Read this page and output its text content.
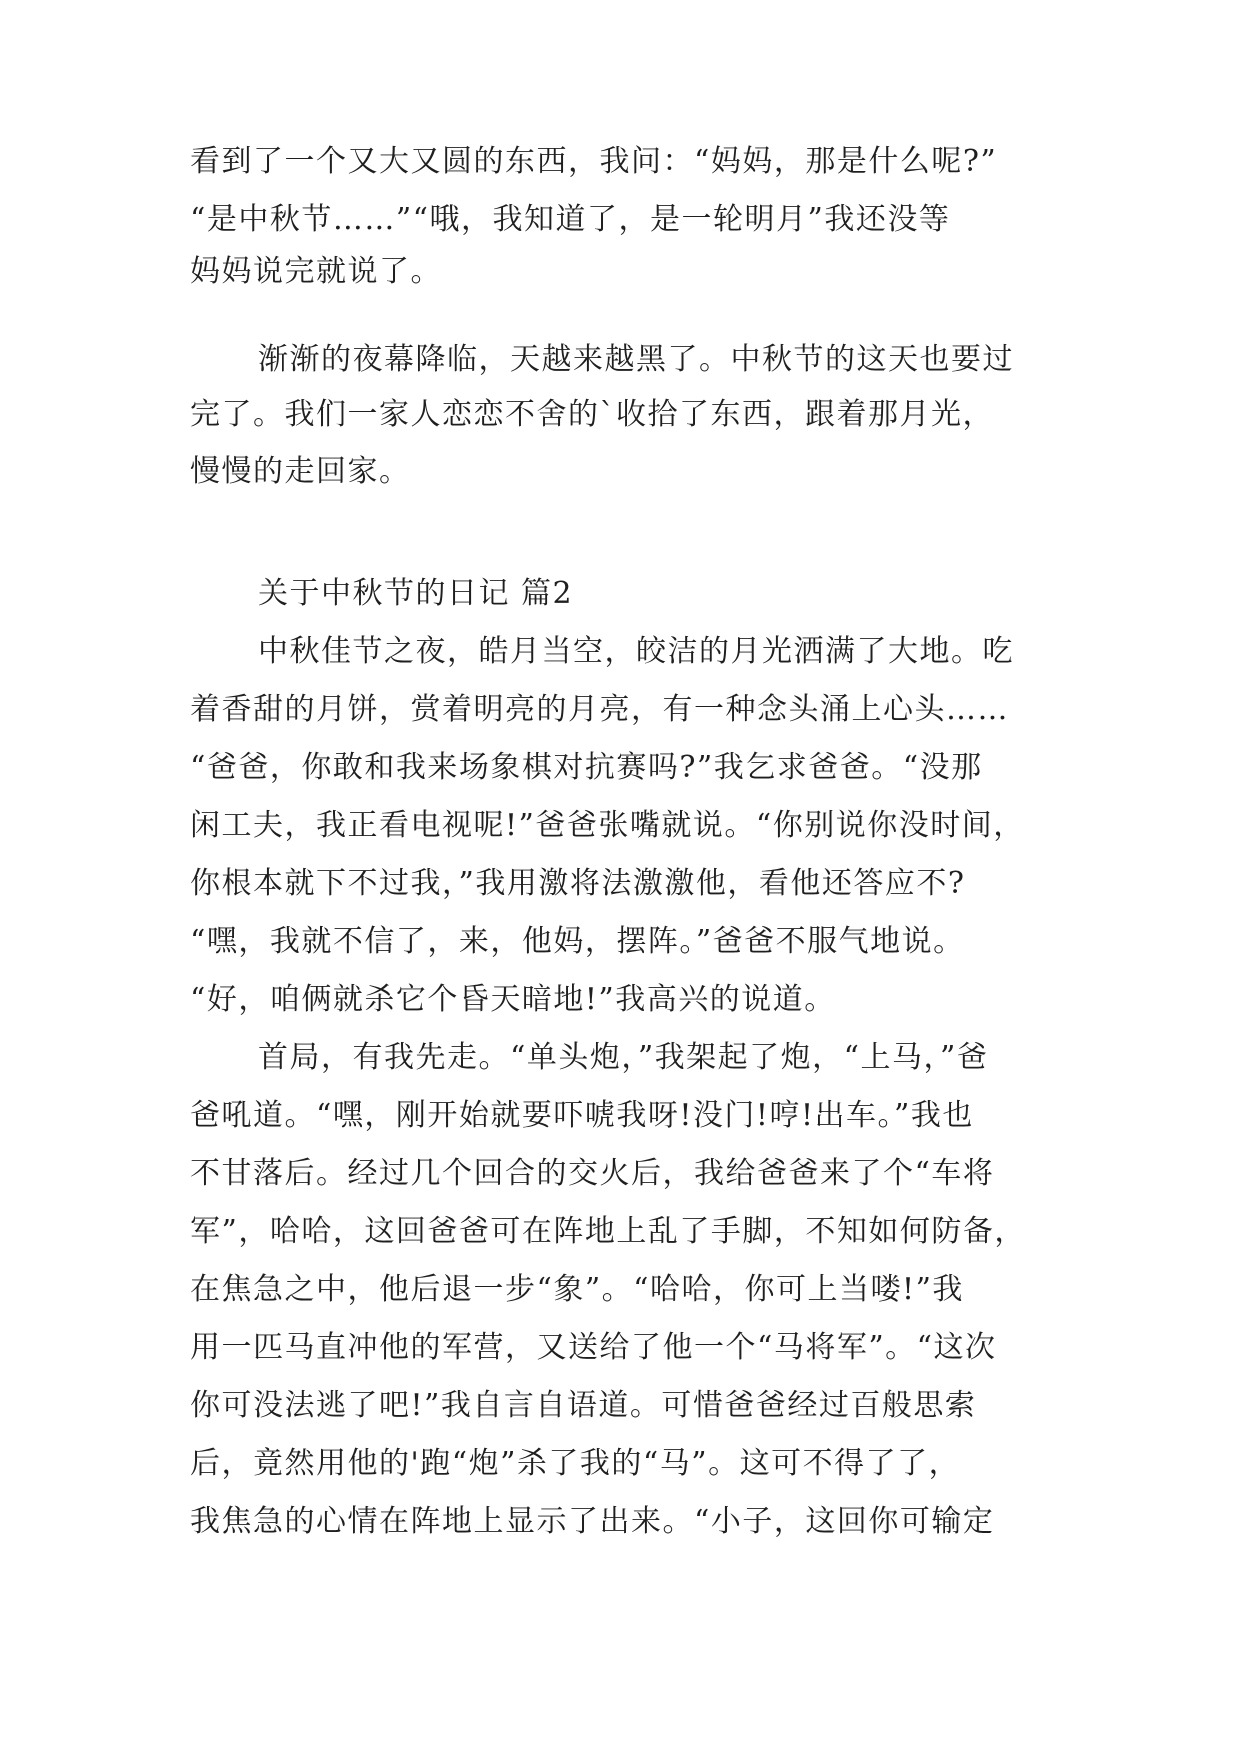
看到了一个又大又圆的东西，我问：“妈妈，那是什么呢?”
“是中秋节……”“哦，我知道了，是一轮明月”我还没等
妈妈说完就说了。
渐渐的夜幕降临，天越来越黑了。中秋节的这天也要过
完了。我们一家人恋恋不舍的`收拾了东西，跟着那月光，
慢慢的走回家。
关于中秋节的日记 篇2
中秋佳节之夜，皓月当空，皎洁的月光洒满了大地。吃
着香甜的月饼，赏着明亮的月亮，有一种念头涌上心头……
“爸爸，你敢和我来场象棋对抗赛吗?”我乞求爸爸。“没那
闲工夫，我正看电视呢!”爸爸张嘴就说。“你别说你没时间，
你根本就下不过我，”我用激将法激激他，看他还答应不?
“嘿，我就不信了，来，他妈，摆阵。”爸爸不服气地说。
“好，咱俩就杀它个昏天暗地!”我高兴的说道。
首局，有我先走。“单头炮，”我架起了炮，“上马，”爸
爸吼道。“嘿，刚开始就要吓唬我呀!没门!哼!出车。”我也
不甘落后。经过几个回合的交火后，我给爸爸来了个“车将
军”，哈哈，这回爸爸可在阵地上乱了手脚，不知如何防备，
在焦急之中，他后退一步“象”。“哈哈，你可上当喽!”我
用一匹马直冲他的军营，又送给了他一个“马将军”。“这次
你可没法逃了吧!”我自言自语道。可惜爸爸经过百般思索
后，竟然用他的'跑“炮”杀了我的“马”。这可不得了了，
我焦急的心情在阵地上显示了出来。“小子，这回你可输定
